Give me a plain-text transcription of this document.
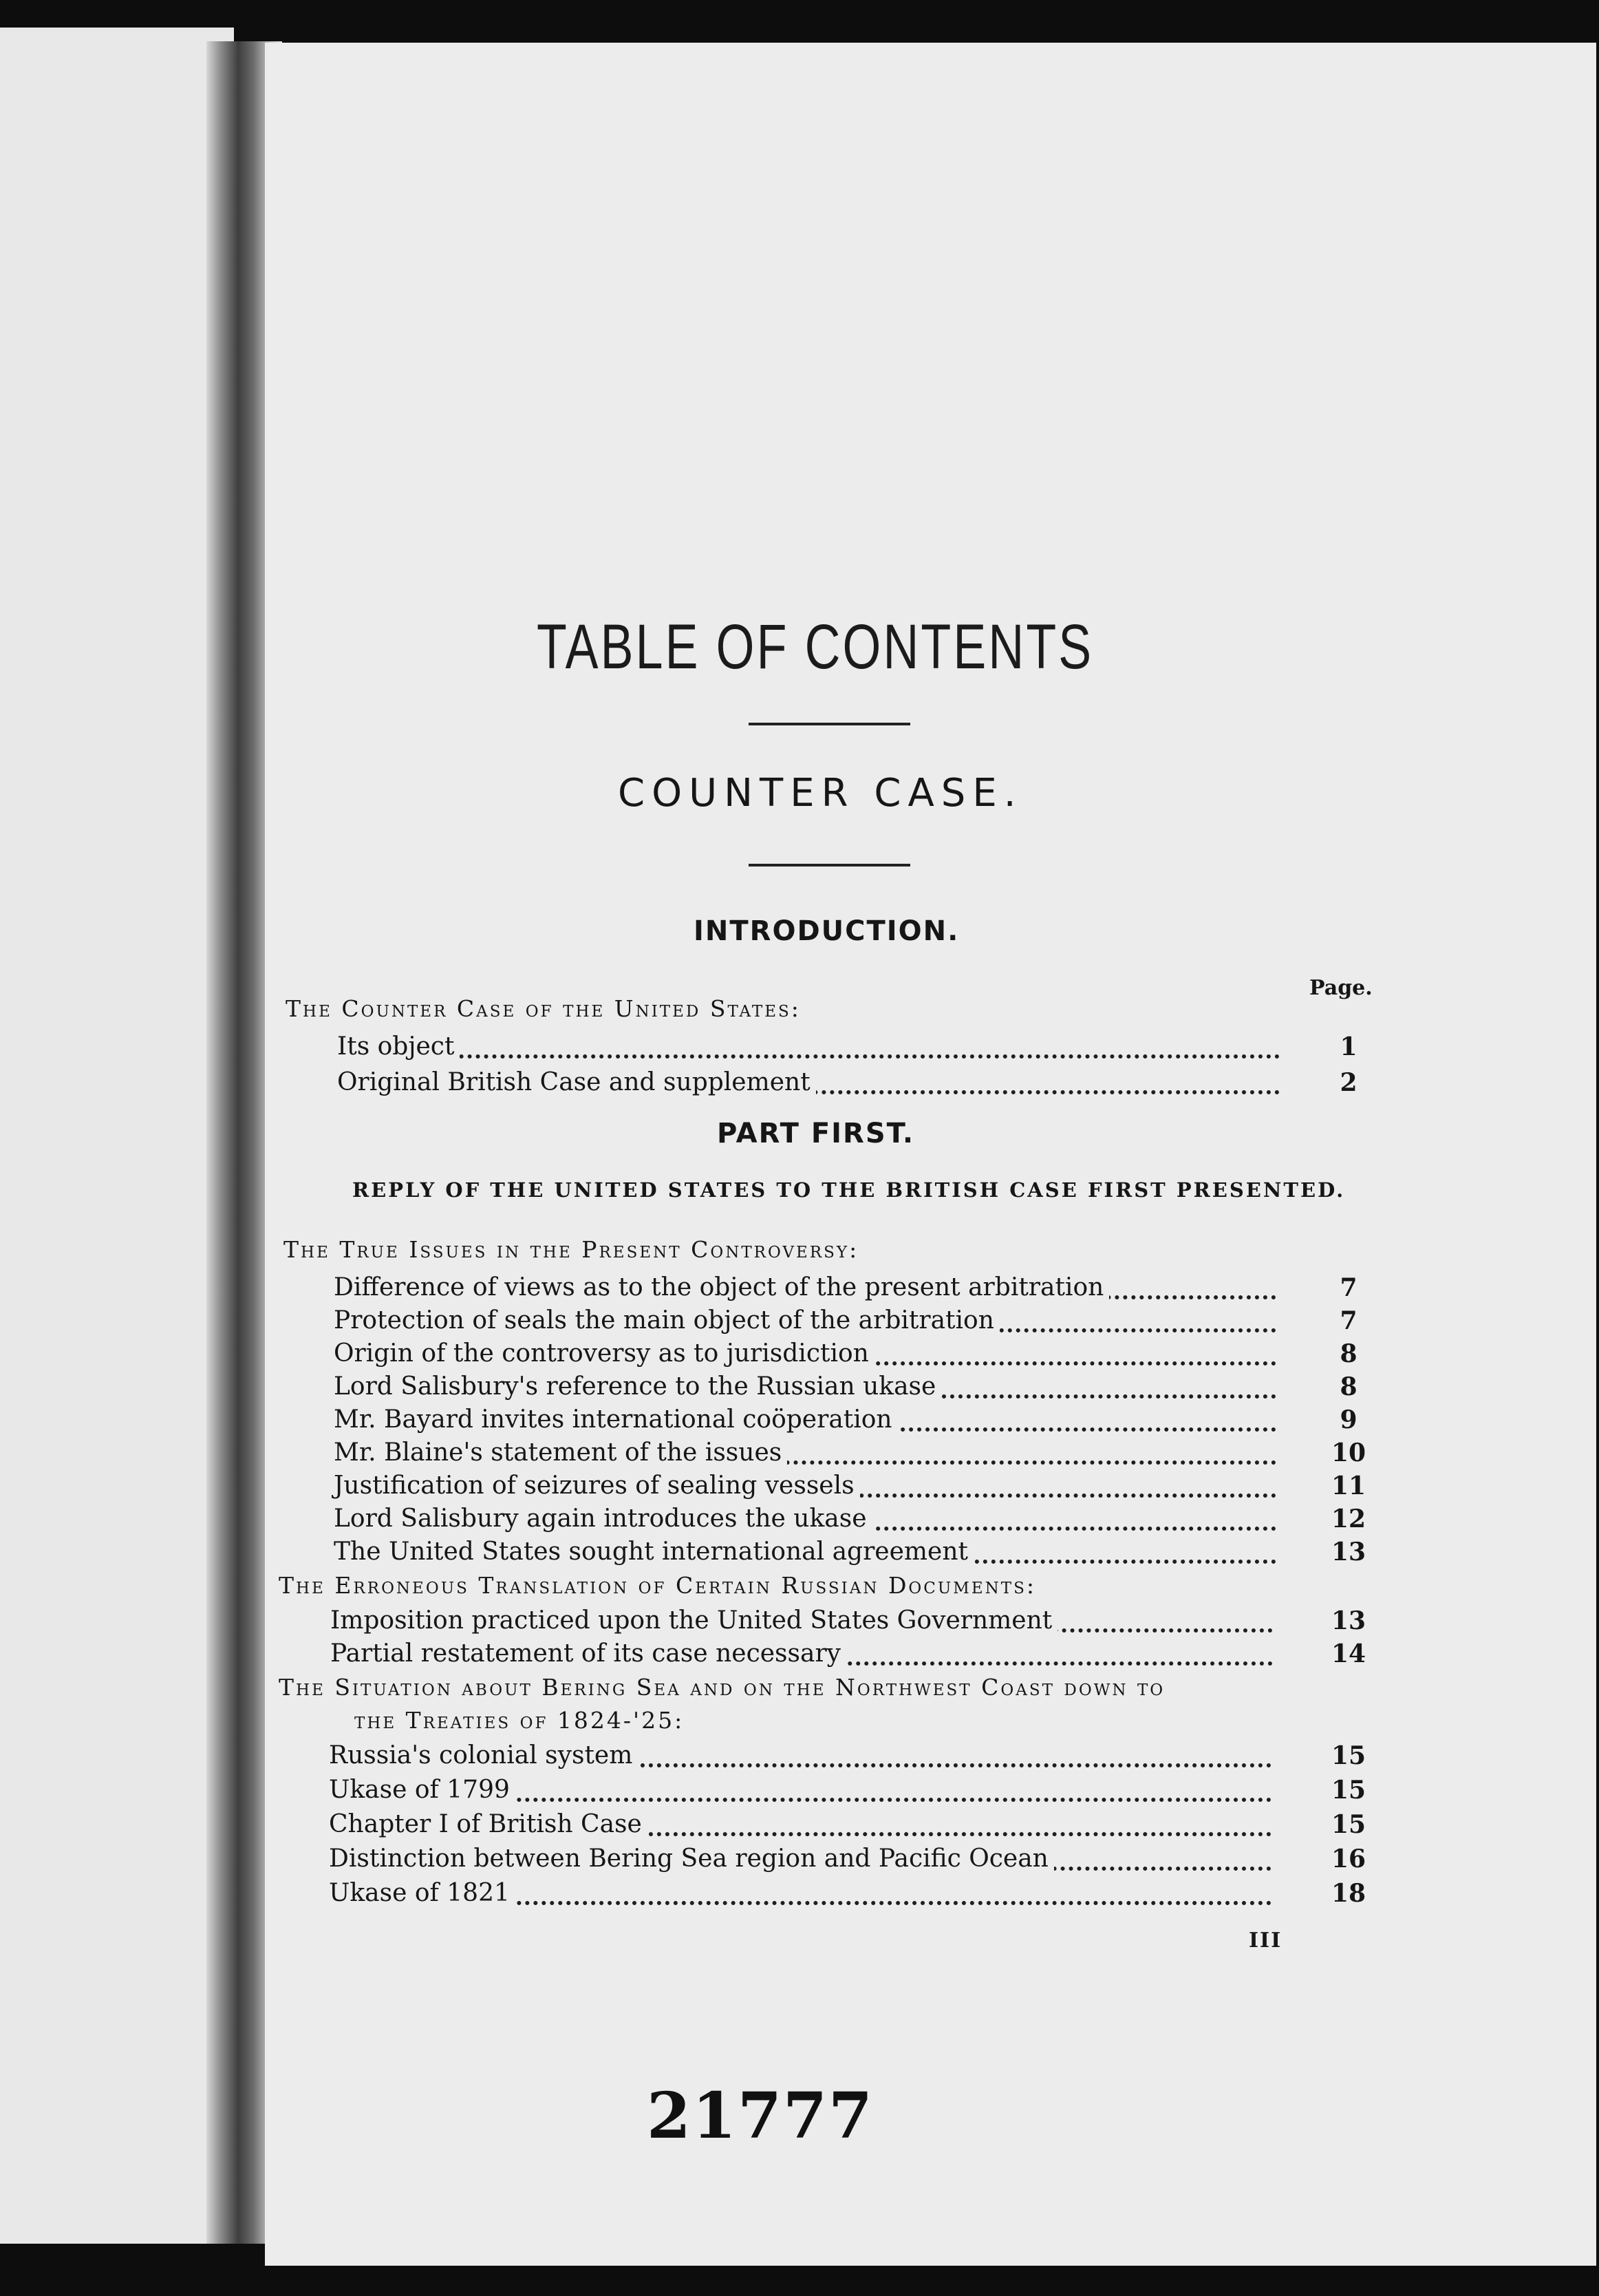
TABLE OF CONTENTS
COUNTER CASE.
INTRODUCTION.
Page.
The Counter Case of the United States:
Its object	1
Original British Case and supplement	2
PART FIRST.
REPLY OF THE UNITED STATES TO THE BRITISH CASE FIRST PRESENTED.
The True Issues in the Present Controversy:
Difference of views as to the object of the present arbitration	7
Protection of seals the main object of the arbitration	7
Origin of the controversy as to jurisdiction	8
Lord Salisbury's reference to the Russian ukase	8
Mr. Bayard invites international coöperation	9
Mr. Blaine's statement of the issues	10
Justification of seizures of sealing vessels	11
Lord Salisbury again introduces the ukase	12
The United States sought international agreement	13
The Erroneous Translation of Certain Russian Documents:
Imposition practiced upon the United States Government	13
Partial restatement of its case necessary	14
The Situation about Bering Sea and on the Northwest Coast down to
the Treaties of 1824-'25:
Russia's colonial system	15
Ukase of 1799	15
Chapter I of British Case	15
Distinction between Bering Sea region and Pacific Ocean	16
Ukase of 1821	18
III
21777
